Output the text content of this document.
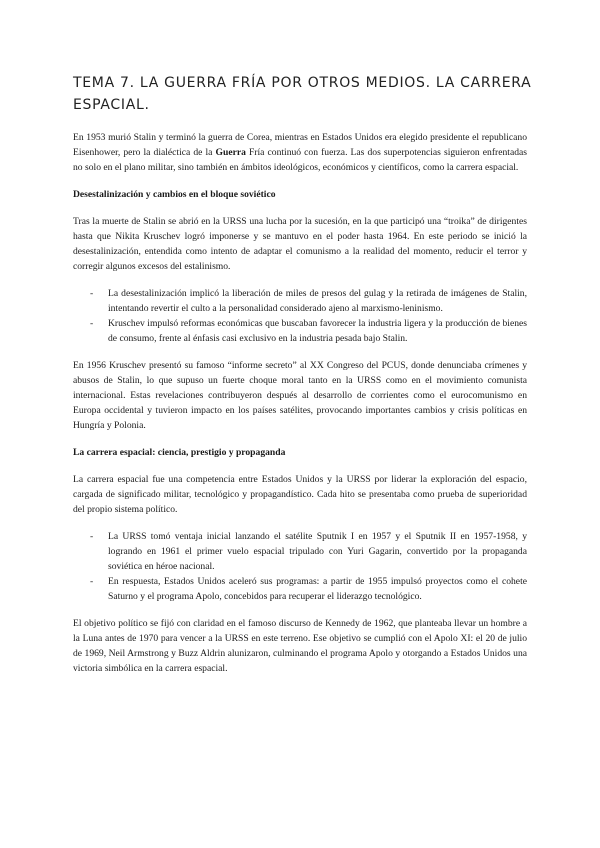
TEMA 7. LA GUERRA FRÍA POR OTROS MEDIOS. LA CARRERA ESPACIAL.

En 1953 murió Stalin y terminó la guerra de Corea, mientras en Estados Unidos era elegido presidente el republicano Eisenhower, pero la dialéctica de la Guerra Fría continuó con fuerza. Las dos superpotencias siguieron enfrentadas no solo en el plano militar, sino también en ámbitos ideológicos, económicos y científicos, como la carrera espacial.

Desestalinización y cambios en el bloque soviético

Tras la muerte de Stalin se abrió en la URSS una lucha por la sucesión, en la que participó una “troika” de dirigentes hasta que Nikita Kruschev logró imponerse y se mantuvo en el poder hasta 1964. En este periodo se inició la desestalinización, entendida como intento de adaptar el comunismo a la realidad del momento, reducir el terror y corregir algunos excesos del estalinismo.

- La desestalinización implicó la liberación de miles de presos del gulag y la retirada de imágenes de Stalin, intentando revertir el culto a la personalidad considerado ajeno al marxismo-leninismo.
- Kruschev impulsó reformas económicas que buscaban favorecer la industria ligera y la producción de bienes de consumo, frente al énfasis casi exclusivo en la industria pesada bajo Stalin.

En 1956 Kruschev presentó su famoso “informe secreto” al XX Congreso del PCUS, donde denunciaba crímenes y abusos de Stalin, lo que supuso un fuerte choque moral tanto en la URSS como en el movimiento comunista internacional. Estas revelaciones contribuyeron después al desarrollo de corrientes como el eurocomunismo en Europa occidental y tuvieron impacto en los países satélites, provocando importantes cambios y crisis políticas en Hungría y Polonia.

La carrera espacial: ciencia, prestigio y propaganda

La carrera espacial fue una competencia entre Estados Unidos y la URSS por liderar la exploración del espacio, cargada de significado militar, tecnológico y propagandístico. Cada hito se presentaba como prueba de superioridad del propio sistema político.

- La URSS tomó ventaja inicial lanzando el satélite Sputnik I en 1957 y el Sputnik II en 1957-1958, y logrando en 1961 el primer vuelo espacial tripulado con Yuri Gagarin, convertido por la propaganda soviética en héroe nacional.
- En respuesta, Estados Unidos aceleró sus programas: a partir de 1955 impulsó proyectos como el cohete Saturno y el programa Apolo, concebidos para recuperar el liderazgo tecnológico.

El objetivo político se fijó con claridad en el famoso discurso de Kennedy de 1962, que planteaba llevar un hombre a la Luna antes de 1970 para vencer a la URSS en este terreno. Ese objetivo se cumplió con el Apolo XI: el 20 de julio de 1969, Neil Armstrong y Buzz Aldrin alunizaron, culminando el programa Apolo y otorgando a Estados Unidos una victoria simbólica en la carrera espacial.
